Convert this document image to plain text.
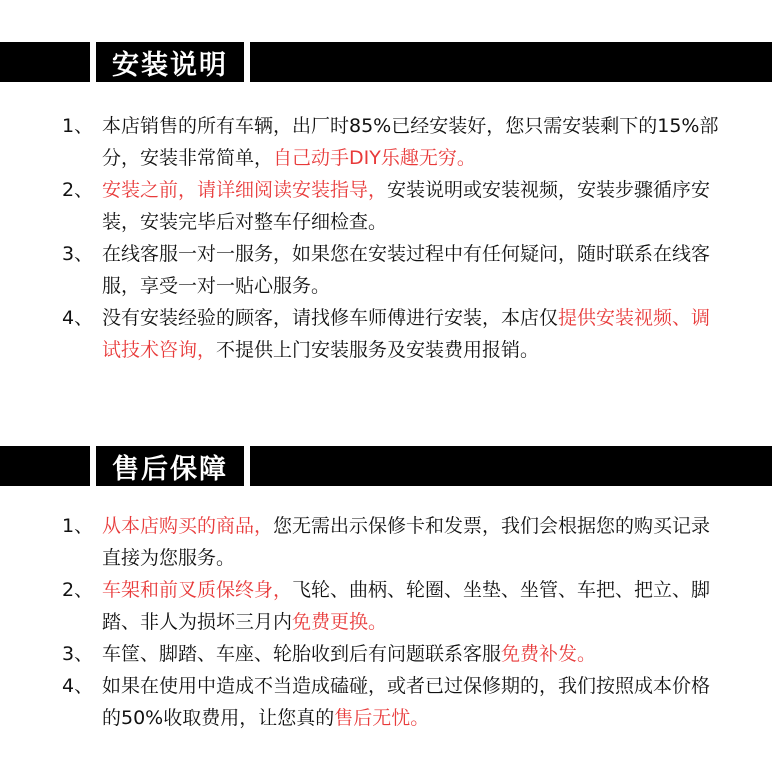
安装说明
1、 本店销售的所有车辆，出厂时85%已经安装好，您只需安装剩下的15%部分，安装非常简单，自己动手DIY乐趣无穷。
2、 安装之前，请详细阅读安装指导，安装说明或安装视频，安装步骤循序安装，安装完毕后对整车仔细检查。
3、 在线客服一对一服务，如果您在安装过程中有任何疑问，随时联系在线客服，享受一对一贴心服务。
4、 没有安装经验的顾客，请找修车师傅进行安装，本店仅提供安装视频、调试技术咨询，不提供上门安装服务及安装费用报销。
售后保障
1、 从本店购买的商品，您无需出示保修卡和发票，我们会根据您的购买记录直接为您服务。
2、 车架和前叉质保终身，飞轮、曲柄、轮圈、坐垫、坐管、车把、把立、脚踏、非人为损坏三月内免费更换。
3、 车筐、脚踏、车座、轮胎收到后有问题联系客服免费补发。
4、 如果在使用中造成不当造成磕碰，或者已过保修期的，我们按照成本价格的50%收取费用，让您真的售后无忧。
